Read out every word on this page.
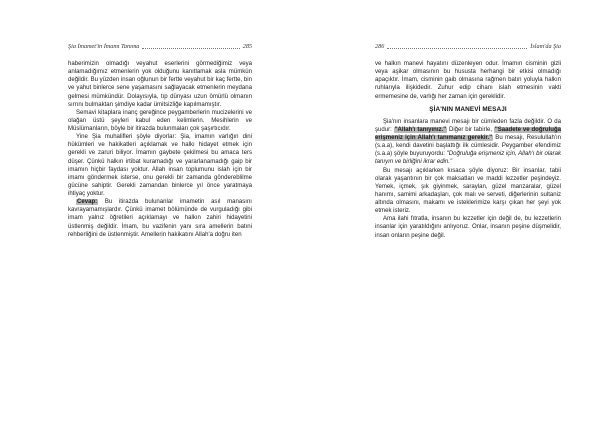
Şia İmamet'in İmamı Tanıma	285

haberimizin olmadığı veyahut eserlerini görmediğimiz veya anlamadığımız etmenlerin yok olduğunu kanıtlamak asla mümkün değildir. Bu yüzden insan oğlunun bir fertte veyahut bir kaç fertte, bin ve yahut binlerce sene yaşamasını sağlayacak etmenlerin meydana gelmesi mümkündür. Dolayısıyla, tıp dünyası uzun ömürlü olmanın sırrını bulmaktan şimdiye kadar ümitsizliğe kapılmamıştır.

Semavi kitaplara inanç gereğince peygamberlerin mucizelerini ve olağan üstü şeyleri kabul eden kelimlerin. Mesihlerin ve Müslümanların, böyle bir itirazda bulunmaları çok şaşırtıcıdır.

Yine Şia muhalifleri şöyle diyorlar: Şia, imamın varlığın dini hükümleri ve hakikatleri açıklamak ve halkı hidayet etmek için gerekli ve zaruri biliyor. İmamın gaybete çekilmesi bu amaca ters düşer. Çünkü halkın irtibat kuramadığı ve yararlanamadığı gaip bir imamın hiçbir faydası yoktur. Allah insan toplumunu islah için bir imamı göndermek isterse, onu gerekli bir zamanda göndereblilme gücüne sahiptir. Gerekli zamandan binlerce yıl önce yaratmaya ihtiyaç yoktur.

Cevap: Bu itirazda bulunanlar imametin asıl manasını kavrayamamışlardır. Çünkü imamet bölümünde de vurguladığı gibi imam yalnız öğretileri açıklamayı ve halkın zahiri hidayetini üstlenmiş değildir. İmam, bu vazifenin yanı sıra amellerin batıni rehberliğini de üstlenmiştir. Amellerin hakikatını Allah'a doğru iten

286	İslam'da Şia

ve halkın manevi hayatını düzenleyen odur. İmamın cisminin gizli veya aşikar olmasının bu hususta herhangi bir etkisi olmadığı apaçıktır. İmam, cisminin gaib olmasına rağmen batın yoluyla halkın ruhlarıyla ilişkidedir. Zuhur edip cihanı islah etmesinin vakti ermemesine de, varlığı her zaman için gereklidir.

ŞİA'NIN MANEVİ MESAJI

Şia'nın insanlara manevi mesajı bir cümleden fazla değildir. O da şudur: "Allah'ı tanıyınız." Diğer bir tabirle, "Saadete ve doğruluğa erişmeniz için Allah'ı tanımanız gerekir." Bu mesajı, Resulullah'ın (s.a.a), kendi davetini başlattığı ilk cümlesidir. Peygamber efendimiz (s.a.a) şöyle buyuruyordu: "Doğruluğa erişmeniz için, Allah'ı bir olarak tanıyın ve birliğini ikrar edin."

Bu mesajı açıklarken kısaca şöyle diyoruz: Bir insanlar, tabii olarak yaşantının bir çok maksatları ve maddi lezzetler peşindeyiz. Yemek, içmek, şık giyinmek, saraylan, güzel manzaralar, güzel hanımı, samimi arkadaşları, çok malı ve serveti, diğerlerinin sultaniz altında olmasını, makamı ve isteklerimize karşı çıkan her şeyi yok etmek isteriz.

Ama ilahi fıtratla, insanın bu lezzetler için değil de, bu lezzetlerin insanlar için yaratıldığını anlıyoruz. Onlar, insanın peşine düşmelidir, insan onların peşine değil.
